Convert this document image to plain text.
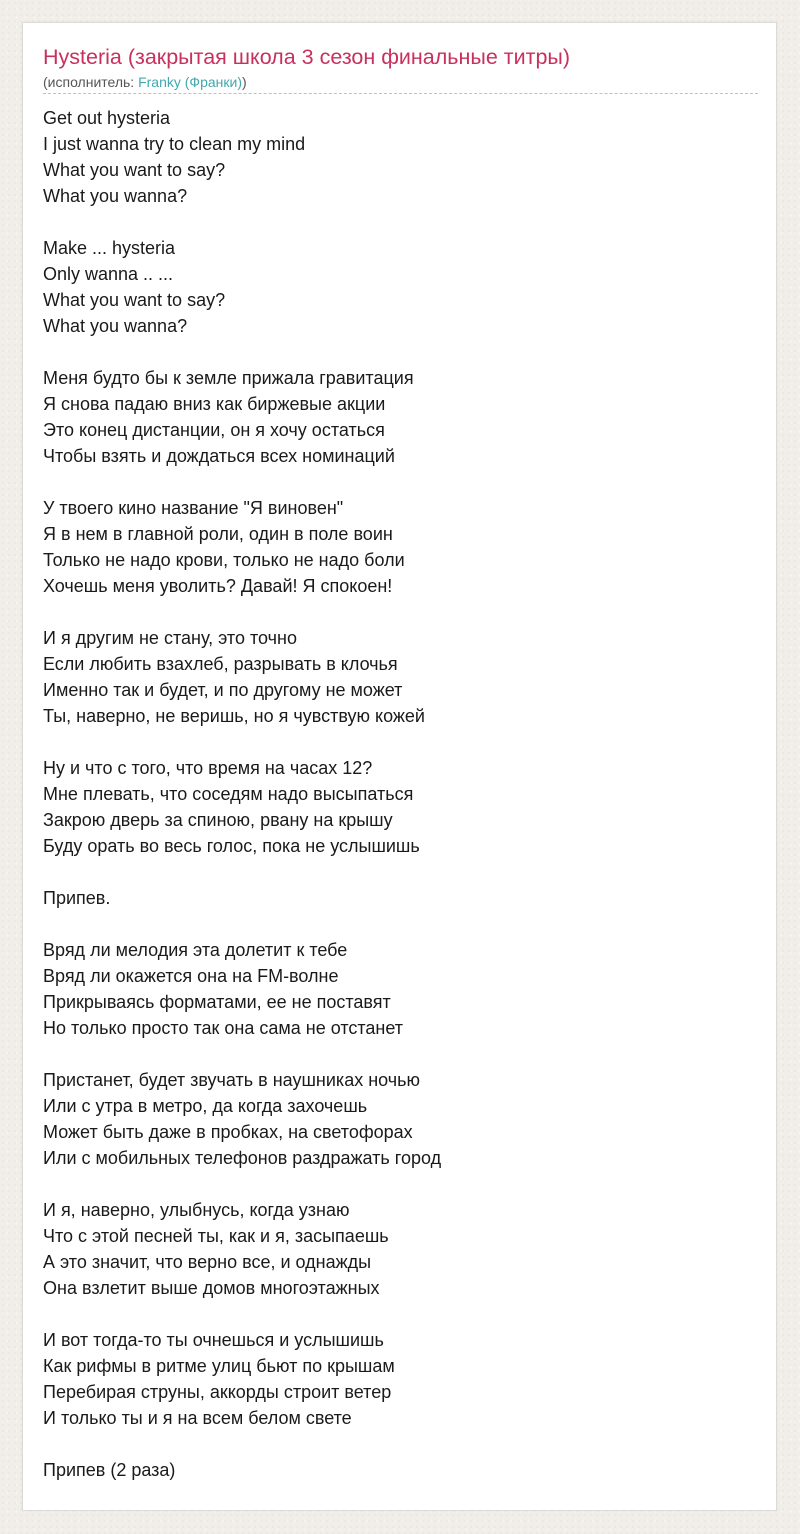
Hysteria (закрытая школа 3 сезон финальные титры)
(исполнитель: Franky (Франки))
Get out hysteria
I just wanna try to clean my mind
What you want to say?
What you wanna?
Make ... hysteria
Only wanna .. ...
What you want to say?
What you wanna?
Меня будто бы к земле прижала гравитация
Я снова падаю вниз как биржевые акции
Это конец дистанции, он я хочу остаться
Чтобы взять и дождаться всех номинаций
У твоего кино название "Я виновен"
Я в нем в главной роли, один в поле воин
Только не надо крови, только не надо боли
Хочешь меня уволить? Давай! Я спокоен!
И я другим не стану, это точно
Если любить взахлеб, разрывать в клочья
Именно так и будет, и по другому не может
Ты, наверно, не веришь, но я чувствую кожей
Ну и что с того, что время на часах 12?
Мне плевать, что соседям надо высыпаться
Закрою дверь за спиною, рвану на крышу
Буду орать во весь голос, пока не услышишь
Припев.
Вряд ли мелодия эта долетит к тебе
Вряд ли окажется она на FM-волне
Прикрываясь форматами, ее не поставят
Но только просто так она сама не отстанет
Пристанет, будет звучать в наушниках ночью
Или с утра в метро, да когда захочешь
Может быть даже в пробках, на светофорах
Или с мобильных телефонов раздражать город
И я, наверно, улыбнусь, когда узнаю
Что с этой песней ты, как и я, засыпаешь
А это значит, что верно все, и однажды
Она взлетит выше домов многоэтажных
И вот тогда-то ты очнешься и услышишь
Как рифмы в ритме улиц бьют по крышам
Перебирая струны, аккорды строит ветер
И только ты и я на всем белом свете
Припев (2 раза)
